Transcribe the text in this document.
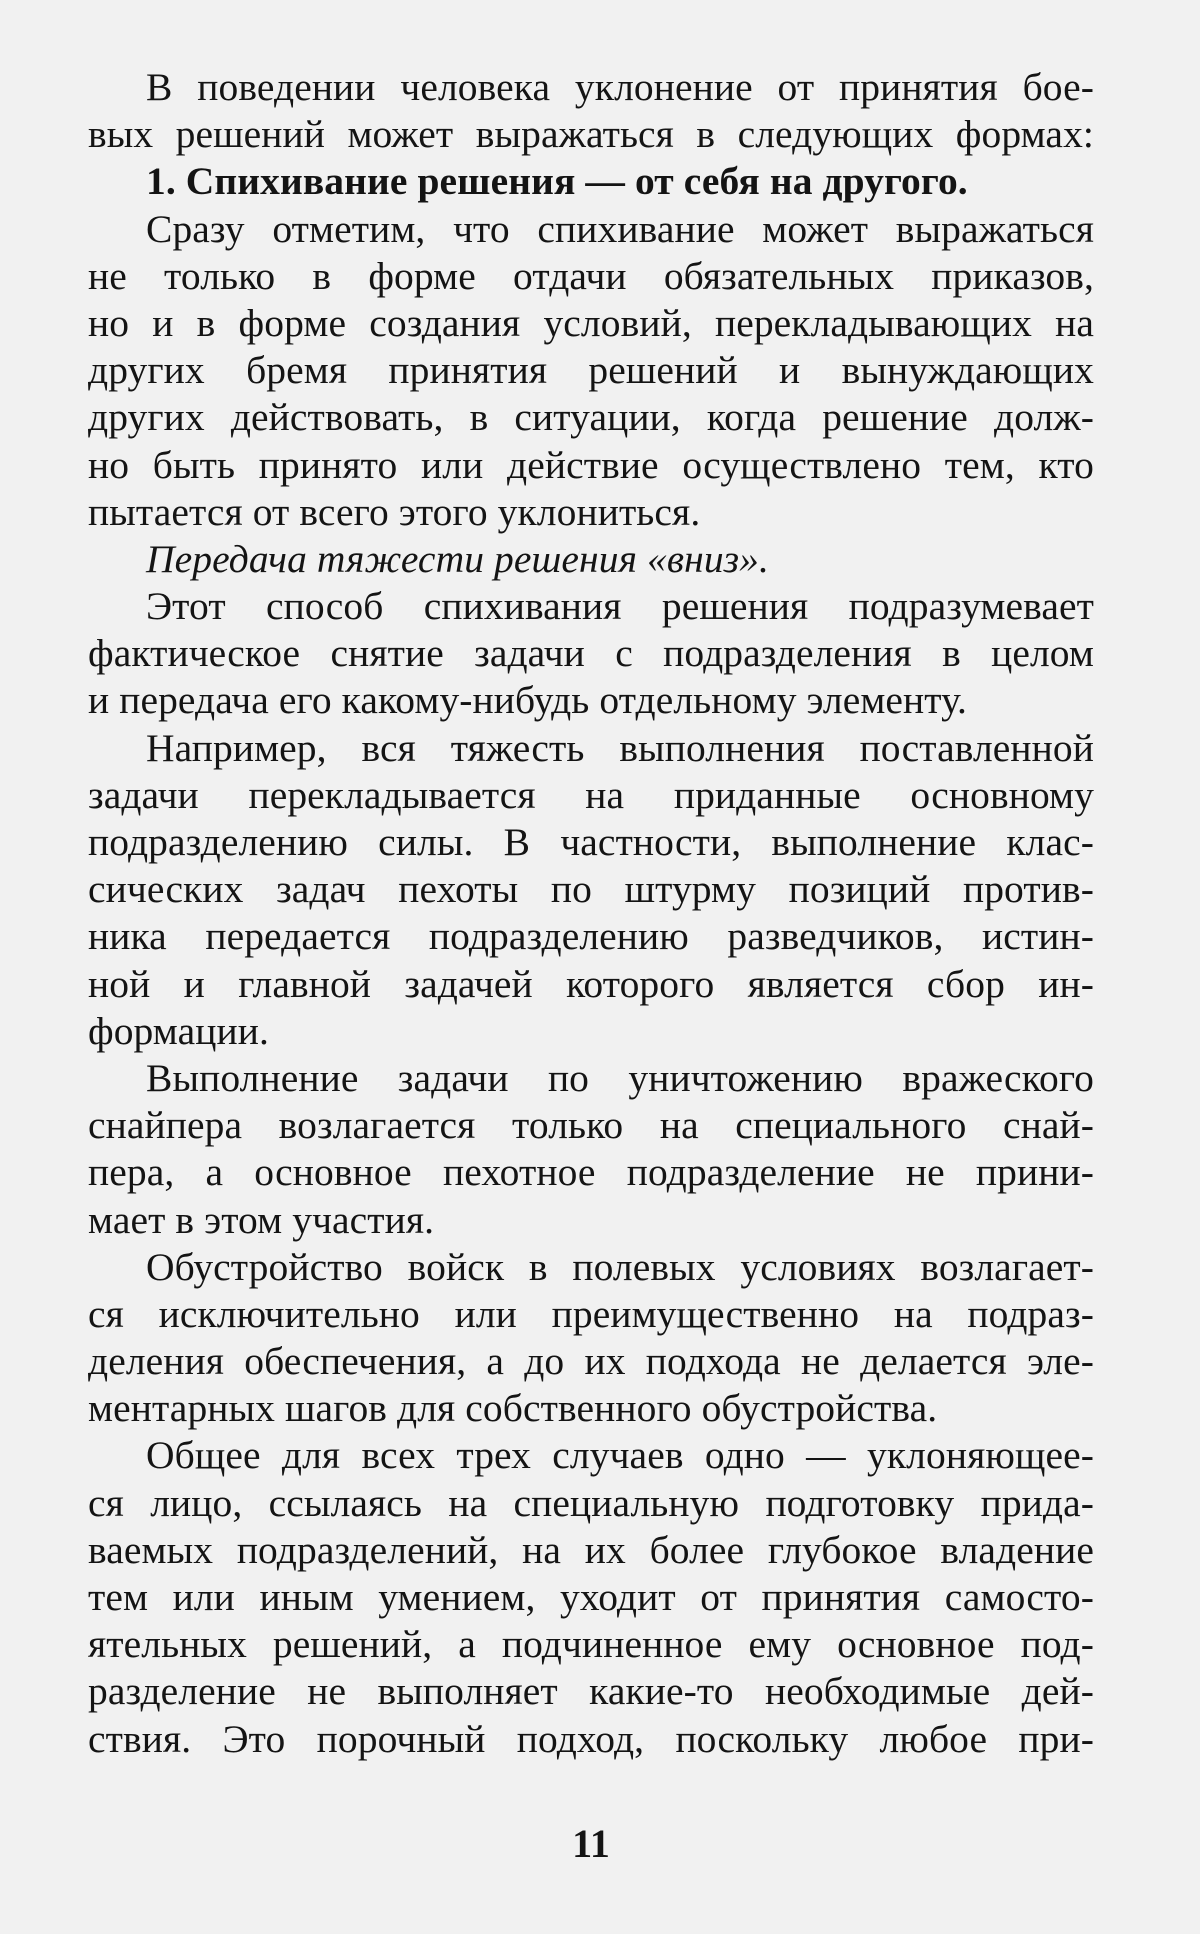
В поведении человека уклонение от принятия бое-
вых решений может выражаться в следующих формах:
1. Спихивание решения — от себя на другого.
Сразу отметим, что спихивание может выражаться
не только в форме отдачи обязательных приказов,
но и в форме создания условий, перекладывающих на
других бремя принятия решений и вынуждающих
других действовать, в ситуации, когда решение долж-
но быть принято или действие осуществлено тем, кто
пытается от всего этого уклониться.
Передача тяжести решения «вниз».
Этот способ спихивания решения подразумевает
фактическое снятие задачи с подразделения в целом
и передача его какому-нибудь отдельному элементу.
Например, вся тяжесть выполнения поставленной
задачи перекладывается на приданные основному
подразделению силы. В частности, выполнение клас-
сических задач пехоты по штурму позиций против-
ника передается подразделению разведчиков, истин-
ной и главной задачей которого является сбор ин-
формации.
Выполнение задачи по уничтожению вражеского
снайпера возлагается только на специального снай-
пера, а основное пехотное подразделение не прини-
мает в этом участия.
Обустройство войск в полевых условиях возлагает-
ся исключительно или преимущественно на подраз-
деления обеспечения, а до их подхода не делается эле-
ментарных шагов для собственного обустройства.
Общее для всех трех случаев одно — уклоняющее-
ся лицо, ссылаясь на специальную подготовку прида-
ваемых подразделений, на их более глубокое владение
тем или иным умением, уходит от принятия самосто-
ятельных решений, а подчиненное ему основное под-
разделение не выполняет какие-то необходимые дей-
ствия. Это порочный подход, поскольку любое при-
11
